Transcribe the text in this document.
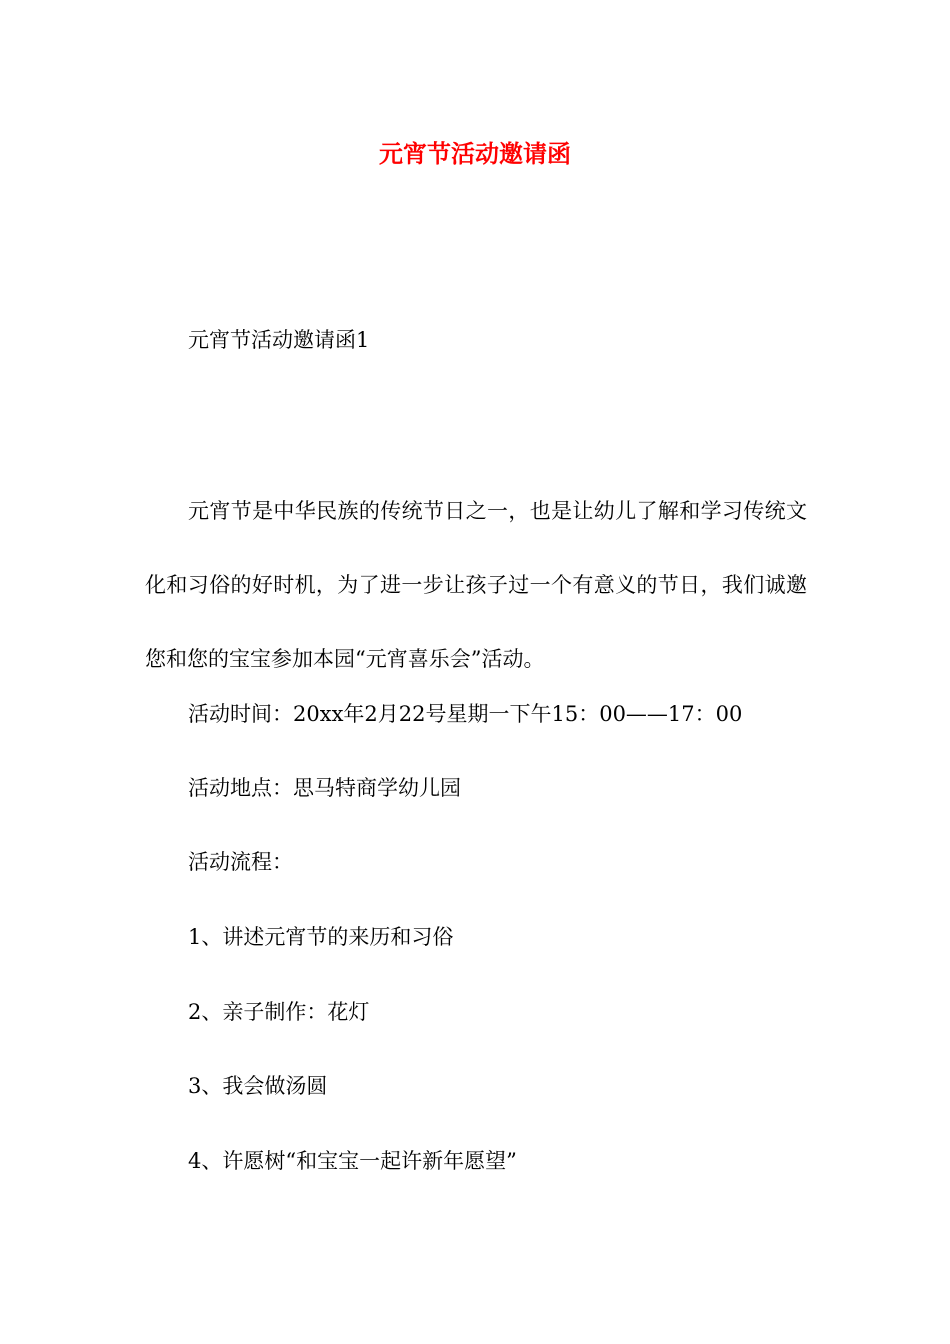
元宵节活动邀请函

元宵节活动邀请函1

元宵节是中华民族的传统节日之一，也是让幼儿了解和学习传统文化和习俗的好时机，为了进一步让孩子过一个有意义的节日，我们诚邀您和您的宝宝参加本园“元宵喜乐会”活动。

活动时间：20xx年2月22号星期一下午15：00——17：00

活动地点：思马特商学幼儿园

活动流程：

1、讲述元宵节的来历和习俗

2、亲子制作：花灯

3、我会做汤圆

4、许愿树“和宝宝一起许新年愿望”
